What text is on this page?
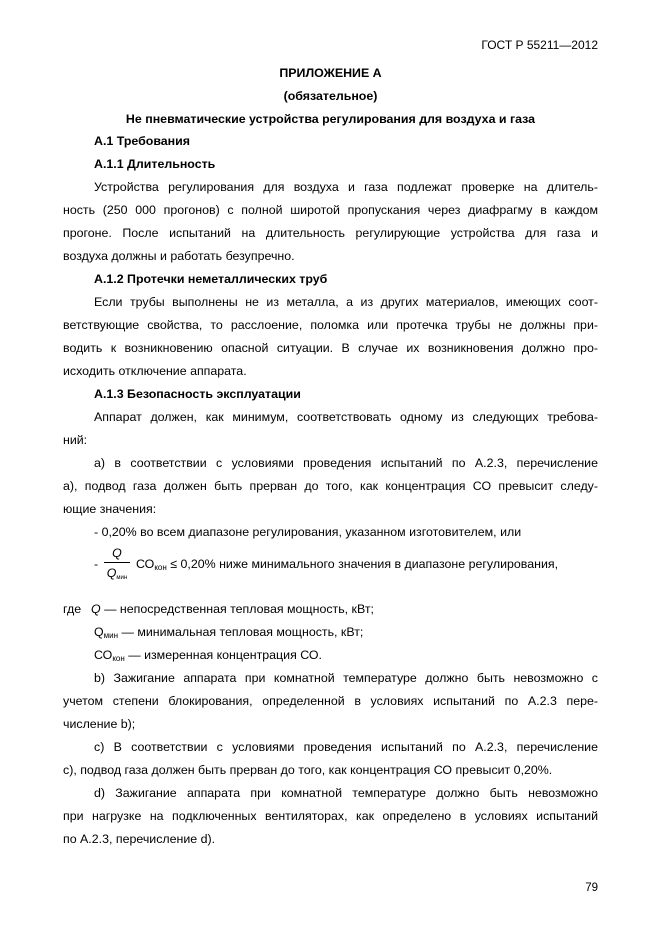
ГОСТ Р 55211—2012
ПРИЛОЖЕНИЕ А
(обязательное)
Не пневматические устройства регулирования для воздуха и газа
А.1 Требования
А.1.1 Длительность
Устройства регулирования для воздуха и газа подлежат проверке на длитель-
ность (250 000 прогонов) с полной широтой пропускания через диафрагму в каждом
прогоне. После испытаний на длительность регулирующие устройства для газа и
воздуха должны и работать безупречно.
А.1.2 Протечки неметаллических труб
Если трубы выполнены не из металла, а из других материалов, имеющих соот-
ветствующие свойства, то расслоение, поломка или протечка трубы не должны при-
водить к возникновению опасной ситуации. В случае их возникновения должно про-
исходить отключение аппарата.
А.1.3 Безопасность эксплуатации
Аппарат должен, как минимум, соответствовать одному из следующих требова-
ний:
а) в соответствии с условиями проведения испытаний по А.2.3, перечисление
а), подвод газа должен быть прерван до того, как концентрация СО превысит следу-
ющие значения:
- 0,20% во всем диапазоне регулирования, указанном изготовителем, или
-
Q
$Q_{мин}$
$СО_{кон} \le 0,20\%$ ниже минимального значения в диапазоне регулирования,
где Q — непосредственная тепловая мощность, кВт;
$Q_{мин}$ — минимальная тепловая мощность, кВт;
$СО_{кон}$ — измеренная концентрация СО.
b) Зажигание аппарата при комнатной температуре должно быть невозможно с
учетом степени блокирования, определенной в условиях испытаний по А.2.3 пере-
числение b);
с) В соответствии с условиями проведения испытаний по А.2.3, перечисление
с), подвод газа должен быть прерван до того, как концентрация СО превысит 0,20%.
d) Зажигание аппарата при комнатной температуре должно быть невозможно
при нагрузке на подключенных вентиляторах, как определено в условиях испытаний
по А.2.3, перечисление d).
79
